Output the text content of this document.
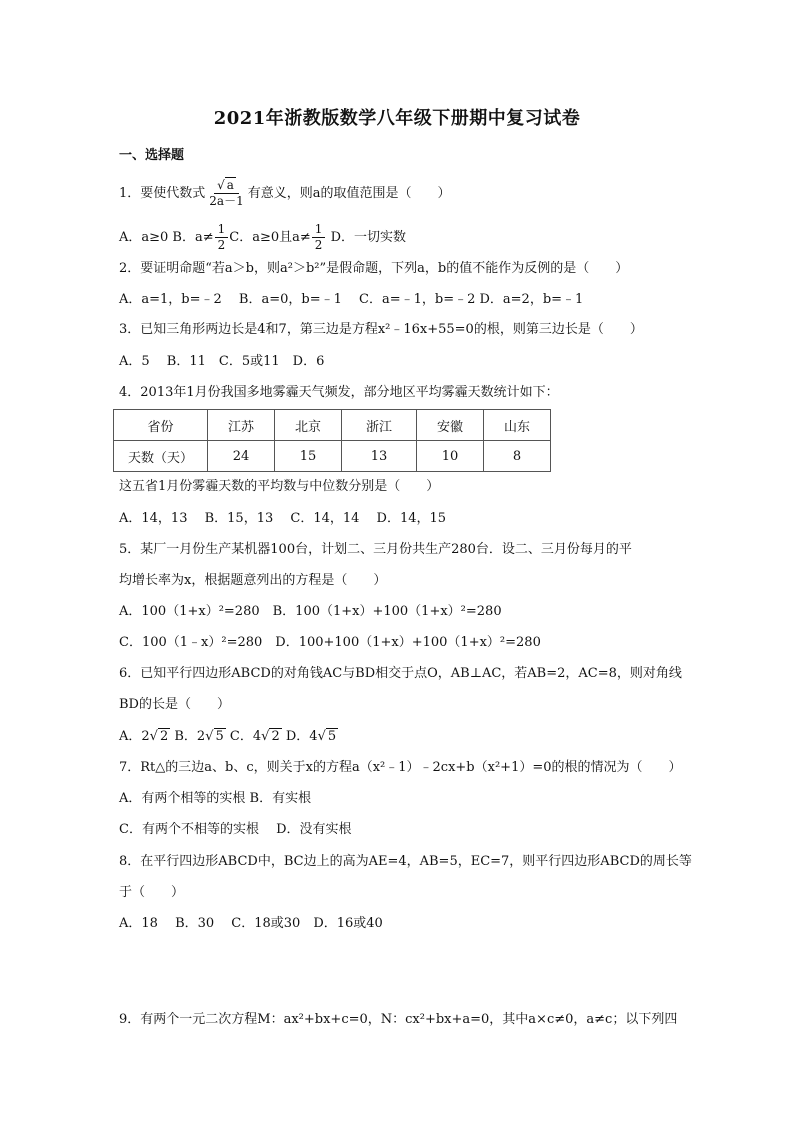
2021年浙教版数学八年级下册期中复习试卷
一、选择题
1．要使代数式 $\frac{√ a}{2a-1}$ 有意义，则a的取值范围是（　　）
A．a≥0 B．$a\ne \frac{1}{2}$ C．a≥0且$a\ne \frac{1}{2}$ D．一切实数
2．要证明命题“若a＞b，则a²＞b²”是假命题，下列a，b的值不能作为反例的是（　　）
A．a=1，b=﹣2　 B．a=0，b=﹣1　 C．a=﹣1，b=﹣2 D．a=2，b=﹣1
3．已知三角形两边长是4和7，第三边是方程x²﹣16x+55=0的根，则第三边长是（　　）
A．5　 B．11　C．5或11　D．6
4．2013年1月份我国多地雾霾天气频发，部分地区平均雾霾天数统计如下：
省份	江苏	北京	浙江	安徽	山东
天数（天）	24	15	13	10	8
这五省1月份雾霾天数的平均数与中位数分别是（　　）
A．14，13　 B．15，13　 C．14，14　 D．14，15
5．某厂一月份生产某机器100台，计划二、三月份共生产280台．设二、三月份每月的平
均增长率为x，根据题意列出的方程是（　　）
A．100（1+x）²=280　B．100（1+x）+100（1+x）²=280
C．100（1﹣x）²=280　D．100+100（1+x）+100（1+x）²=280
6．已知平行四边形ABCD的对角钱AC与BD相交于点O，AB⊥AC，若AB=2，AC=8，则对角线
BD的长是（　　）
A．2√ 2 B．2√ 5 C．4√ 2 D．4√ 5
7．Rt△的三边a、b、c，则关于x的方程a（x²﹣1）﹣2cx+b（x²+1）=0的根的情况为（　　）
A．有两个相等的实根 B．有实根
C．有两个不相等的实根　 D．没有实根
8．在平行四边形ABCD中，BC边上的高为AE=4，AB=5，EC=7，则平行四边形ABCD的周长等
于（　　）
A．18　 B．30　 C．18或30　D．16或40
9．有两个一元二次方程M：ax²+bx+c=0，N：cx²+bx+a=0，其中a×c≠0，a≠c；以下列四
